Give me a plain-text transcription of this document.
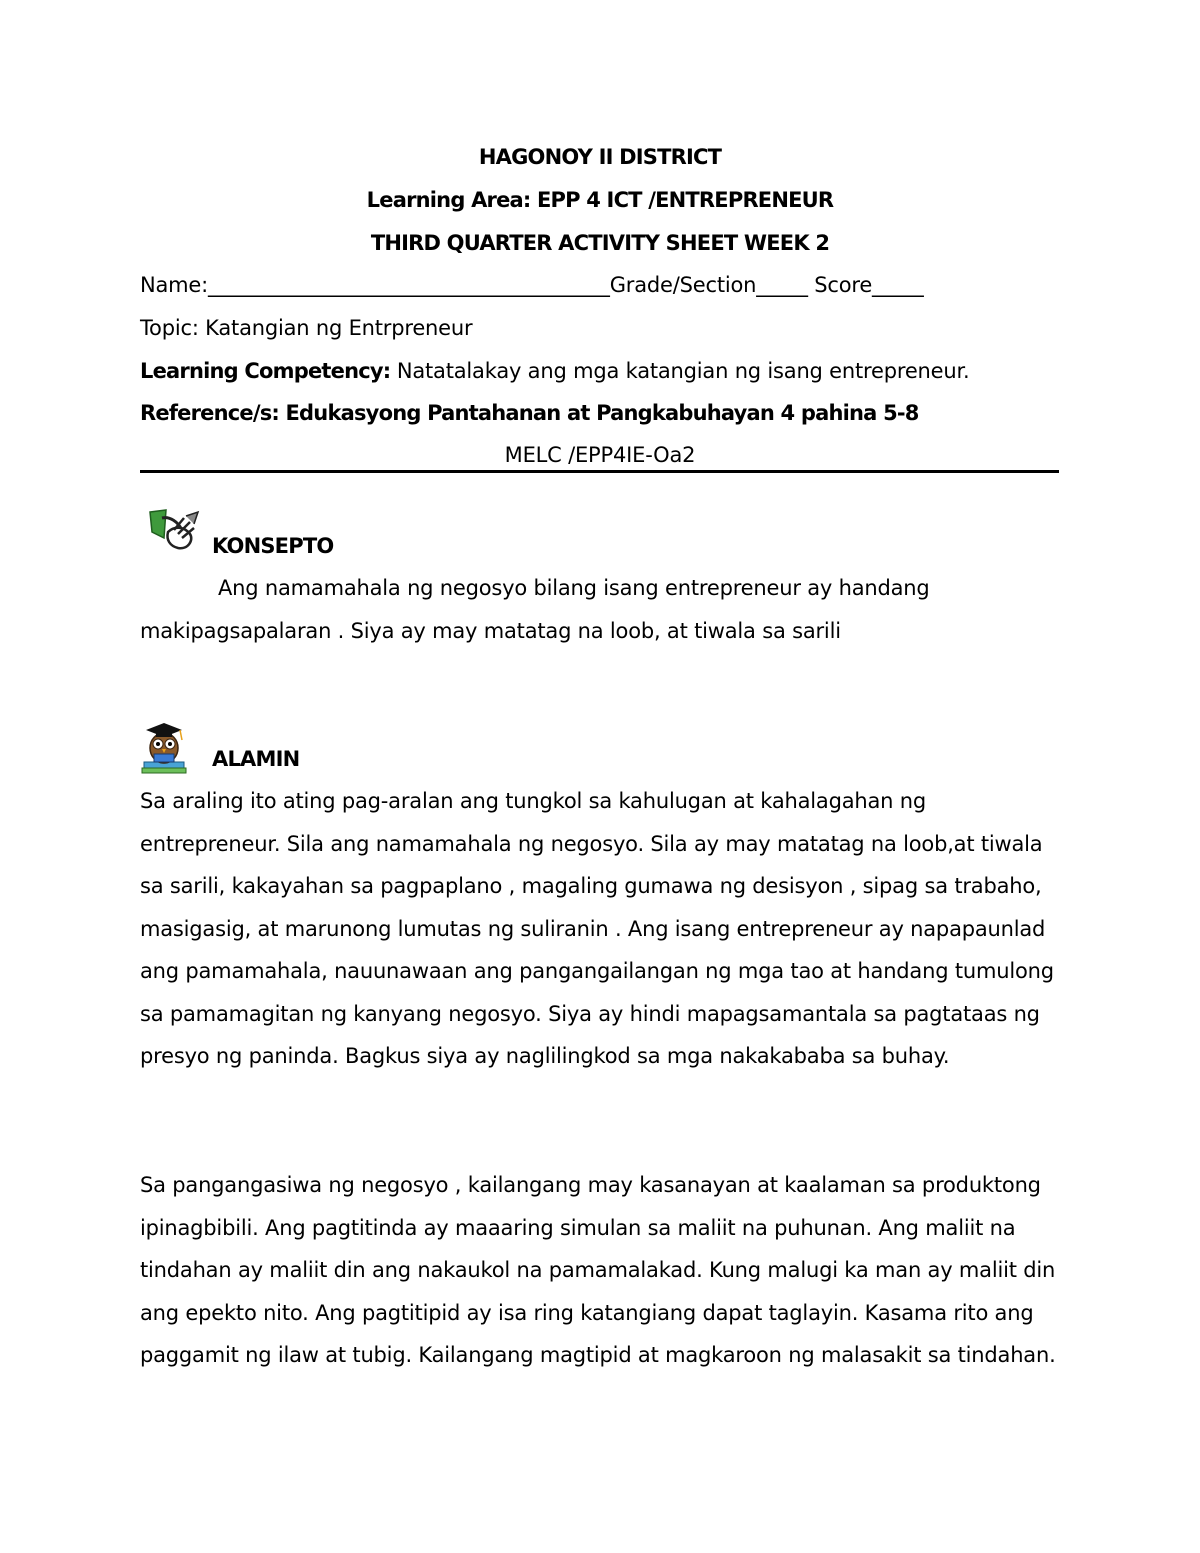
HAGONOY II DISTRICT
Learning Area: EPP 4 ICT /ENTREPRENEUR
THIRD QUARTER ACTIVITY SHEET WEEK 2
Name:_______________________________________Grade/Section_____ Score_____
Topic: Katangian ng Entrpreneur
Learning Competency: Natatalakay ang mga katangian ng isang entrepreneur.
Reference/s: Edukasyong Pantahanan at Pangkabuhayan 4 pahina 5-8
MELC /EPP4IE-Oa2
KONSEPTO
Ang namamahala ng negosyo bilang isang entrepreneur ay handang
makipagsapalaran . Siya ay may matatag na loob, at tiwala sa sarili
ALAMIN

Sa araling ito ating pag-aralan ang tungkol sa kahulugan at kahalagahan ng

entrepreneur. Sila ang namamahala ng negosyo. Sila ay may matatag na loob,at tiwala

sa sarili, kakayahan sa pagpaplano , magaling gumawa ng desisyon , sipag sa trabaho,

masigasig, at marunong lumutas ng suliranin . Ang isang entrepreneur ay napapaunlad

ang pamamahala, nauunawaan ang pangangailangan ng mga tao at handang tumulong

sa pamamagitan ng kanyang negosyo. Siya ay hindi mapagsamantala sa pagtataas ng

presyo ng paninda. Bagkus siya ay naglilingkod sa mga nakakababa sa buhay.

Sa pangangasiwa ng negosyo , kailangang may kasanayan at kaalaman sa produktong

ipinagbibili. Ang pagtitinda ay maaaring simulan sa maliit na puhunan. Ang maliit na

tindahan ay maliit din ang nakaukol na pamamalakad. Kung malugi ka man ay maliit din

ang epekto nito. Ang pagtitipid ay isa ring katangiang dapat taglayin. Kasama rito ang

paggamit ng ilaw at tubig. Kailangang magtipid at magkaroon ng malasakit sa tindahan.
